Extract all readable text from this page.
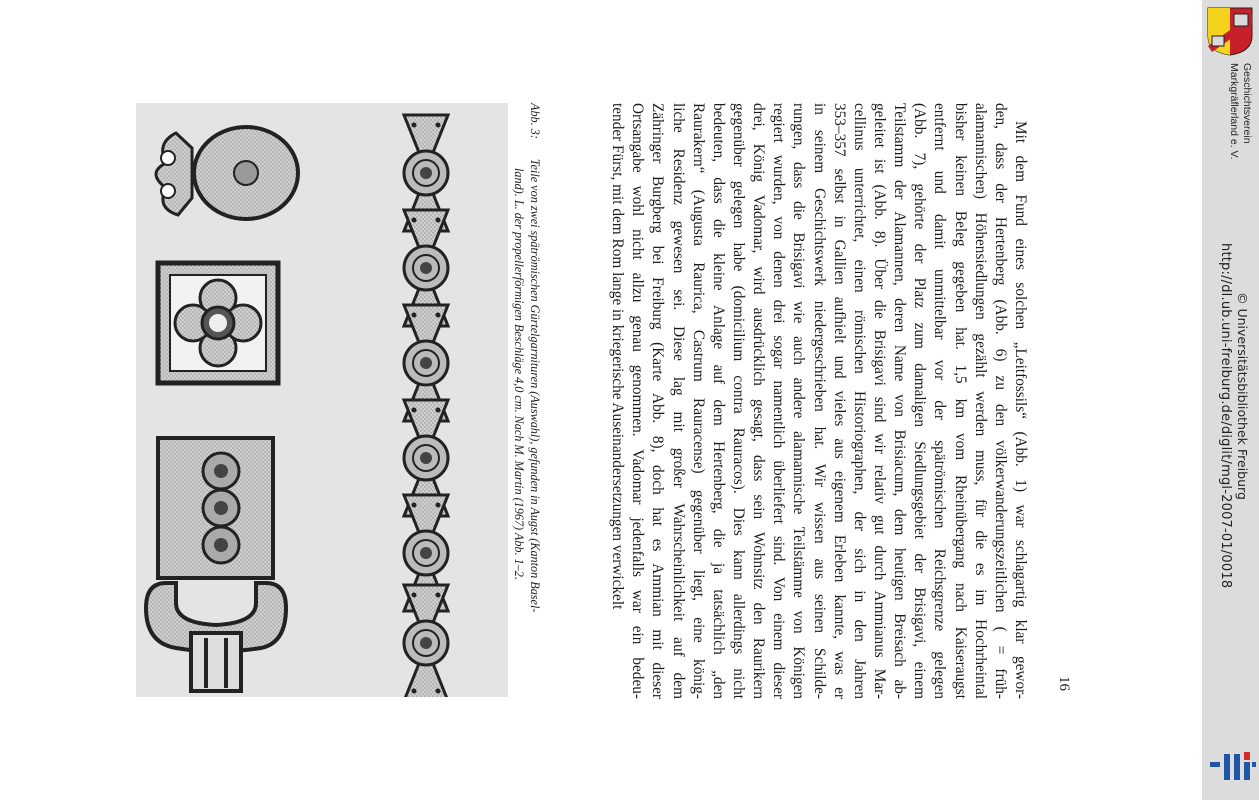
Abb. 3:Teile von zwei spätrömischen Gürtelgarnituren (Auswahl), gefunden in Augst (Kanton Basel-
land). L. der propellerförmigen Beschläge 4,0 cm. Nach M. Martin (1967) Abb. 1–2.	Mit dem Fund eines solchen „Leitfossils“ (Abb. 1) war schlagartig klar gewor-
den, dass der Hertenberg (Abb. 6) zu den völkerwanderungszeitlichen ( = früh-
alamannischen) Höhensiedlungen gezählt werden muss, für die es im Hochrheintal
bisher keinen Beleg gegeben hat. 1,5 km vom Rheinübergang nach Kaiseraugst
entfernt und damit unmittelbar vor der spätrömischen Reichsgrenze gelegen
(Abb. 7), gehörte der Platz zum damaligen Siedlungsgebiet der Brisigavi, einem
Teilstamm der Alamannen, deren Name von Brisiacum, dem heutigen Breisach ab-
geleitet ist (Abb. 8). Über die Brisigavi sind wir relativ gut durch Ammianus Mar-
cellinus unterrichtet, einen römischen Historiographen, der sich in den Jahren
353–357 selbst in Gallien aufhielt und vieles aus eigenem Erleben kannte, was er
in seinem Geschichtswerk niedergeschrieben hat. Wir wissen aus seinen Schilde-
rungen, dass die Brisigavi wie auch andere alamannische Teilstämme von Königen
regiert wurden, von denen drei sogar namentlich überliefert sind. Von einem dieser
drei, König Vadomar, wird ausdrücklich gesagt, dass sein Wohnsitz den Raurikern
gegenüber gelegen habe (domicilium contra Rauracos). Dies kann allerdings nicht
bedeuten, dass die kleine Anlage auf dem Hertenberg, die ja tatsächlich „den
Raurakern“ (Augusta Raurica, Castrum Rauracense) gegenüber liegt, eine könig-
liche Residenz gewesen sei. Diese lag mit großer Wahrscheinlichkeit auf dem
Zähringer Burgberg bei Freiburg (Karte Abb. 8), doch hat es Ammian mit dieser
Ortsangabe wohl nicht allzu genau genommen. Vadomar jedenfalls war ein bedeu-
tender Fürst, mit dem Rom lange in kriegerische Auseinandersetzungen verwickelt
16
Geschichtsverein
Markgräflerland e. V.
http://dl.ub.uni-freiburg.de/diglit/mgl-2007-01/0018 © Universitätsbibliothek Freiburg
